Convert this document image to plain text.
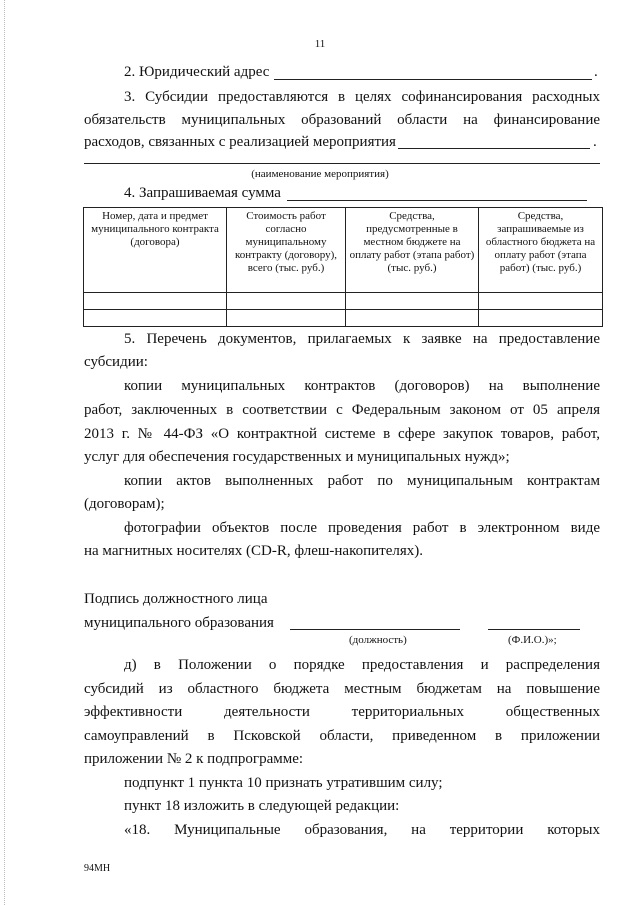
11
2. Юридический адрес	.
3. Субсидии предоставляются в целях софинансирования расходных
обязательств муниципальных образований области на финансирование
расходов, связанных с реализацией мероприятия	.
(наименование мероприятия)
4. Запрашиваемая сумма
Номер, дата и предмет муниципального контракта (договора)	Стоимость работ согласно муниципальному контракту (договору), всего (тыс. руб.)	Средства, предусмотренные в местном бюджете на оплату работ (этапа работ) (тыс. руб.)	Средства, запрашиваемые из областного бюджета на оплату работ (этапа работ) (тыс. руб.)

5. Перечень документов, прилагаемых к заявке на предоставление
субсидии:
копии муниципальных контрактов (договоров) на выполнение
работ, заключенных в соответствии с Федеральным законом от 05 апреля
2013 г. № 44-ФЗ «О контрактной системе в сфере закупок товаров, работ,
услуг для обеспечения государственных и муниципальных нужд»;
копии актов выполненных работ по муниципальным контрактам
(договорам);
фотографии объектов после проведения работ в электронном виде
на магнитных носителях (CD-R, флеш-накопителях).
Подпись должностного лица
муниципального образования
(должность)	(Ф.И.О.)»;
д) в Положении о порядке предоставления и распределения
субсидий из областного бюджета местным бюджетам на повышение
эффективности деятельности территориальных общественных
самоуправлений в Псковской области, приведенном в приложении
приложении № 2 к подпрограмме:
подпункт 1 пункта 10 признать утратившим силу;
пункт 18 изложить в следующей редакции:
«18. Муниципальные образования, на территории которых
94МН
